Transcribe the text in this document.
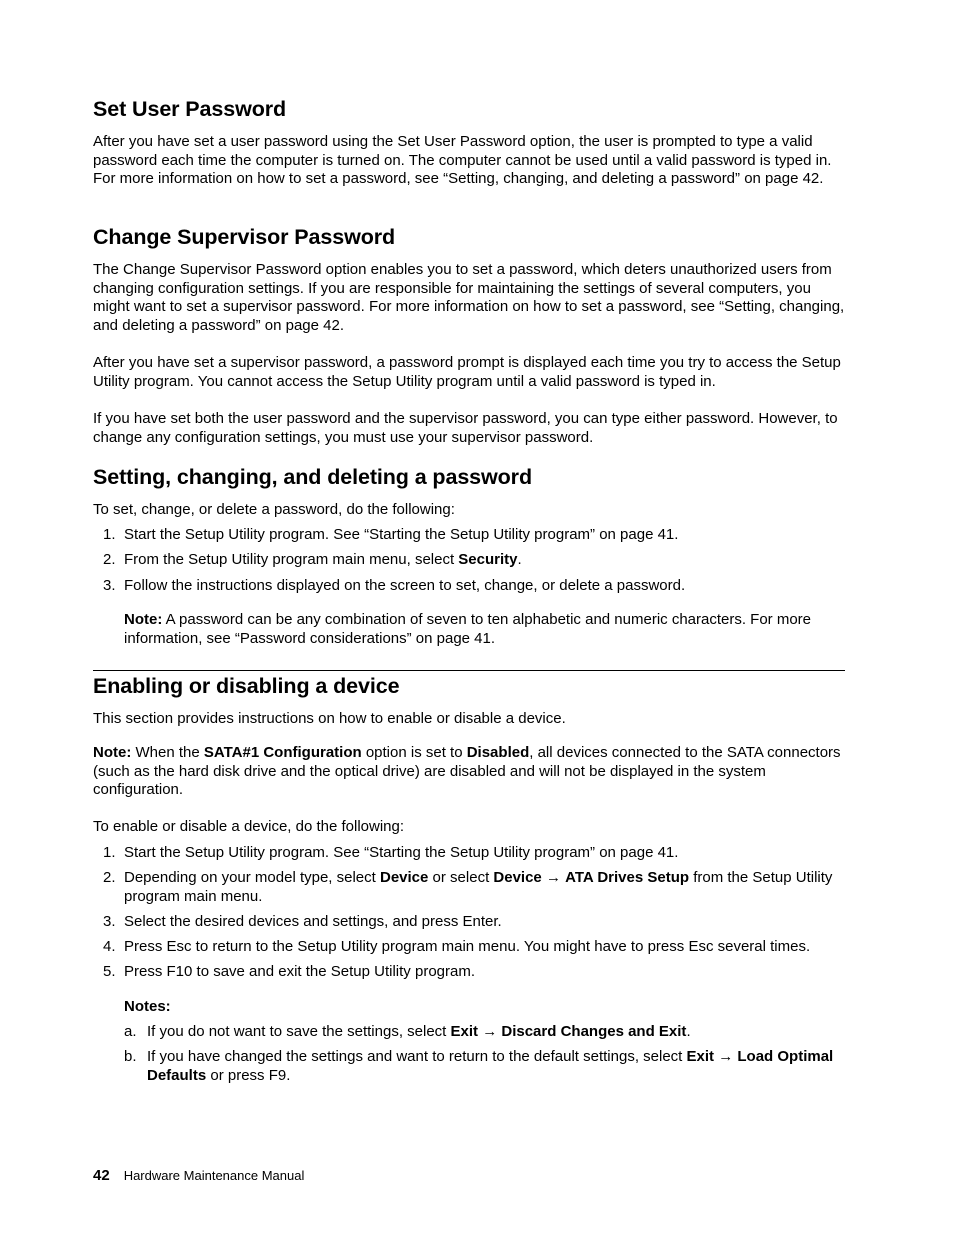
Set User Password

After you have set a user password using the Set User Password option, the user is prompted to type a valid password each time the computer is turned on. The computer cannot be used until a valid password is typed in. For more information on how to set a password, see “Setting, changing, and deleting a password” on page 42.

Change Supervisor Password

The Change Supervisor Password option enables you to set a password, which deters unauthorized users from changing configuration settings. If you are responsible for maintaining the settings of several computers, you might want to set a supervisor password. For more information on how to set a password, see “Setting, changing, and deleting a password” on page 42.

After you have set a supervisor password, a password prompt is displayed each time you try to access the Setup Utility program. You cannot access the Setup Utility program until a valid password is typed in.

If you have set both the user password and the supervisor password, you can type either password. However, to change any configuration settings, you must use your supervisor password.

Setting, changing, and deleting a password

To set, change, or delete a password, do the following:

1. Start the Setup Utility program. See “Starting the Setup Utility program” on page 41.
2. From the Setup Utility program main menu, select Security.
3. Follow the instructions displayed on the screen to set, change, or delete a password.
Note: A password can be any combination of seven to ten alphabetic and numeric characters. For more information, see “Password considerations” on page 41.
Enabling or disabling a device

This section provides instructions on how to enable or disable a device.

Note: When the SATA#1 Configuration option is set to Disabled, all devices connected to the SATA connectors (such as the hard disk drive and the optical drive) are disabled and will not be displayed in the system configuration.

To enable or disable a device, do the following:

1. Start the Setup Utility program. See “Starting the Setup Utility program” on page 41.
2. Depending on your model type, select Device or select Device → ATA Drives Setup from the Setup Utility program main menu.
3. Select the desired devices and settings, and press Enter.
4. Press Esc to return to the Setup Utility program main menu. You might have to press Esc several times.
5. Press F10 to save and exit the Setup Utility program.
Notes:
a. If you do not want to save the settings, select Exit → Discard Changes and Exit.
b. If you have changed the settings and want to return to the default settings, select Exit → Load Optimal Defaults or press F9.
42 Hardware Maintenance Manual
